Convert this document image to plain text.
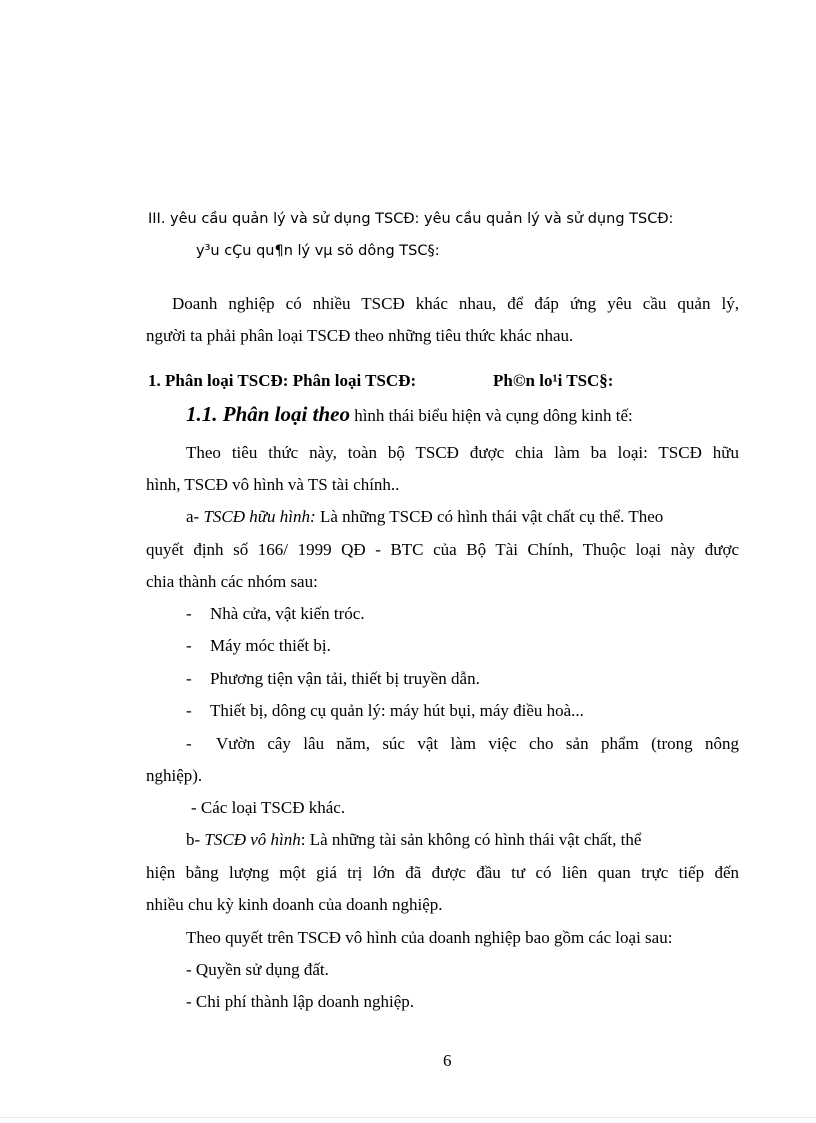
III. yêu cầu quản lý và sử dụng TSCĐ: yêu cầu quản lý và sử dụng TSCĐ:
y³u cÇu qu¶n lý vµ sö dông TSC§:
Doanh nghiệp có nhiều TSCĐ khác nhau, để đáp ứng yêu cầu quản lý,
người ta phải phân loại TSCĐ theo những tiêu thức khác nhau.
1. Phân loại TSCĐ: Phân loại TSCĐ:	Ph©n lo¹i TSC§:
1.1. Phân loại theo hình thái biểu hiện và cụng dông kinh tế:
Theo tiêu thức này, toàn bộ TSCĐ được chia làm ba loại: TSCĐ hữu
hình, TSCĐ vô hình và TS tài chính..
a- TSCĐ hữu hình: Là những TSCĐ có hình thái vật chất cụ thể. Theo
quyết định số 166/ 1999 QĐ - BTC của Bộ Tài Chính, Thuộc loại này được
chia thành các nhóm sau:
- Nhà cửa, vật kiến tróc.
- Máy móc thiết bị.
- Phương tiện vận tải, thiết bị truyền dẫn.
- Thiết bị, dông cụ quản lý: máy hút bụi, máy điều hoà...
- Vườn cây lâu năm, súc vật làm việc cho sản phẩm (trong nông
nghiệp).
- Các loại TSCĐ khác.
b- TSCĐ vô hình: Là những tài sản không có hình thái vật chất, thể
hiện bằng lượng một giá trị lớn đã được đầu tư có liên quan trực tiếp đến
nhiều chu kỳ kinh doanh của doanh nghiệp.
Theo quyết trên TSCĐ vô hình của doanh nghiệp bao gồm các loại sau:
- Quyền sử dụng đất.
- Chi phí thành lập doanh nghiệp.
6
